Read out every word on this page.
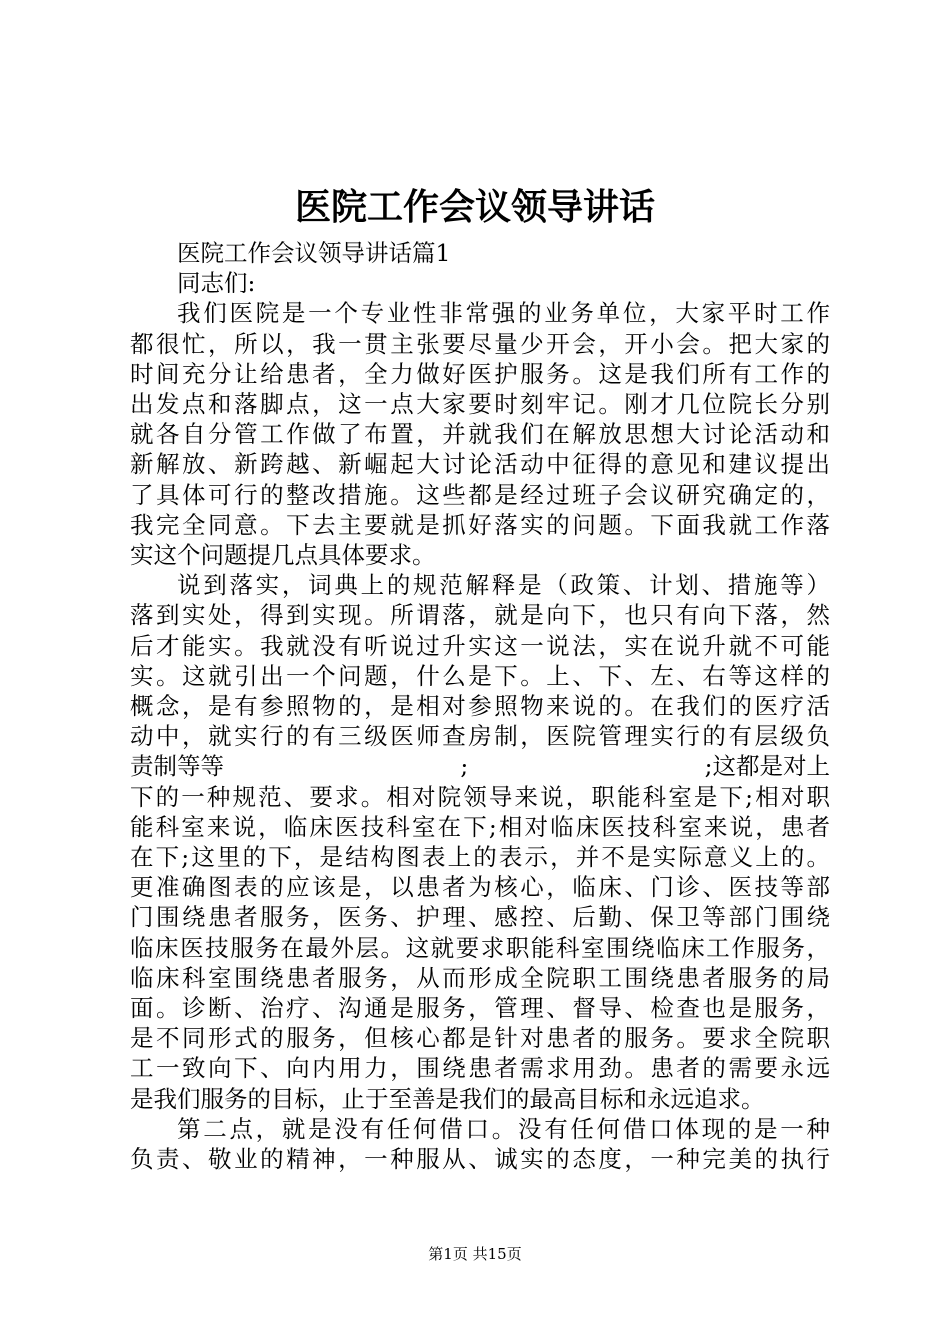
医院工作会议领导讲话

医院工作会议领导讲话篇1

同志们:

我们医院是一个专业性非常强的业务单位，大家平时工作

都很忙，所以，我一贯主张要尽量少开会，开小会。把大家的

时间充分让给患者，全力做好医护服务。这是我们所有工作的

出发点和落脚点，这一点大家要时刻牢记。刚才几位院长分别

就各自分管工作做了布置，并就我们在解放思想大讨论活动和

新解放、新跨越、新崛起大讨论活动中征得的意见和建议提出

了具体可行的整改措施。这些都是经过班子会议研究确定的，

我完全同意。下去主要就是抓好落实的问题。下面我就工作落

实这个问题提几点具体要求。

说到落实，词典上的规范解释是（政策、计划、措施等）

落到实处，得到实现。所谓落，就是向下，也只有向下落，然

后才能实。我就没有听说过升实这一说法，实在说升就不可能

实。这就引出一个问题，什么是下。上、下、左、右等这样的

概念，是有参照物的，是相对参照物来说的。在我们的医疗活

动中，就实行的有三级医师查房制，医院管理实行的有层级负

责制等等	;	;这都是对上

下的一种规范、要求。相对院领导来说，职能科室是下;相对职

能科室来说，临床医技科室在下;相对临床医技科室来说，患者

在下;这里的下，是结构图表上的表示，并不是实际意义上的。

更准确图表的应该是，以患者为核心，临床、门诊、医技等部

门围绕患者服务，医务、护理、感控、后勤、保卫等部门围绕

临床医技服务在最外层。这就要求职能科室围绕临床工作服务，

临床科室围绕患者服务，从而形成全院职工围绕患者服务的局

面。诊断、治疗、沟通是服务，管理、督导、检查也是服务，

是不同形式的服务，但核心都是针对患者的服务。要求全院职

工一致向下、向内用力，围绕患者需求用劲。患者的需要永远

是我们服务的目标，止于至善是我们的最高目标和永远追求。

第二点，就是没有任何借口。没有任何借口体现的是一种

负责、敬业的精神，一种服从、诚实的态度，一种完美的执行

第1页 共15页
